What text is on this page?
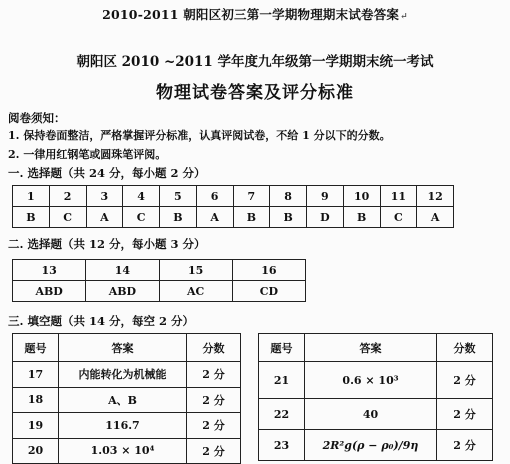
2010-2011 朝阳区初三第一学期物理期末试卷答案↵
朝阳区 2010 ~2011 学年度九年级第一学期期末统一考试
物理试卷答案及评分标准
阅卷须知：
1. 保持卷面整洁，严格掌握评分标准，认真评阅试卷，不给 1 分以下的分数。
2. 一律用红钢笔或圆珠笔评阅。
一. 选择题（共 24 分，每小题 2 分）
1	2	3	4	5	6	7	8	9	10	11	12
B	C	A	C	B	A	B	B	D	B	C	A
二. 选择题（共 12 分，每小题 3 分）
13	14	15	16
ABD	ABD	AC	CD
三. 填空题（共 14 分，每空 2 分）
题号	答案	分数
17	内能转化为机械能	2 分
18	A、B	2 分
19	116.7	2 分
20	1.03 × 10⁴	2 分
题号	答案	分数
21	0.6 × 10³	2 分
22	40	2 分
23	2R²g(ρ − ρ₀)/9η	2 分
